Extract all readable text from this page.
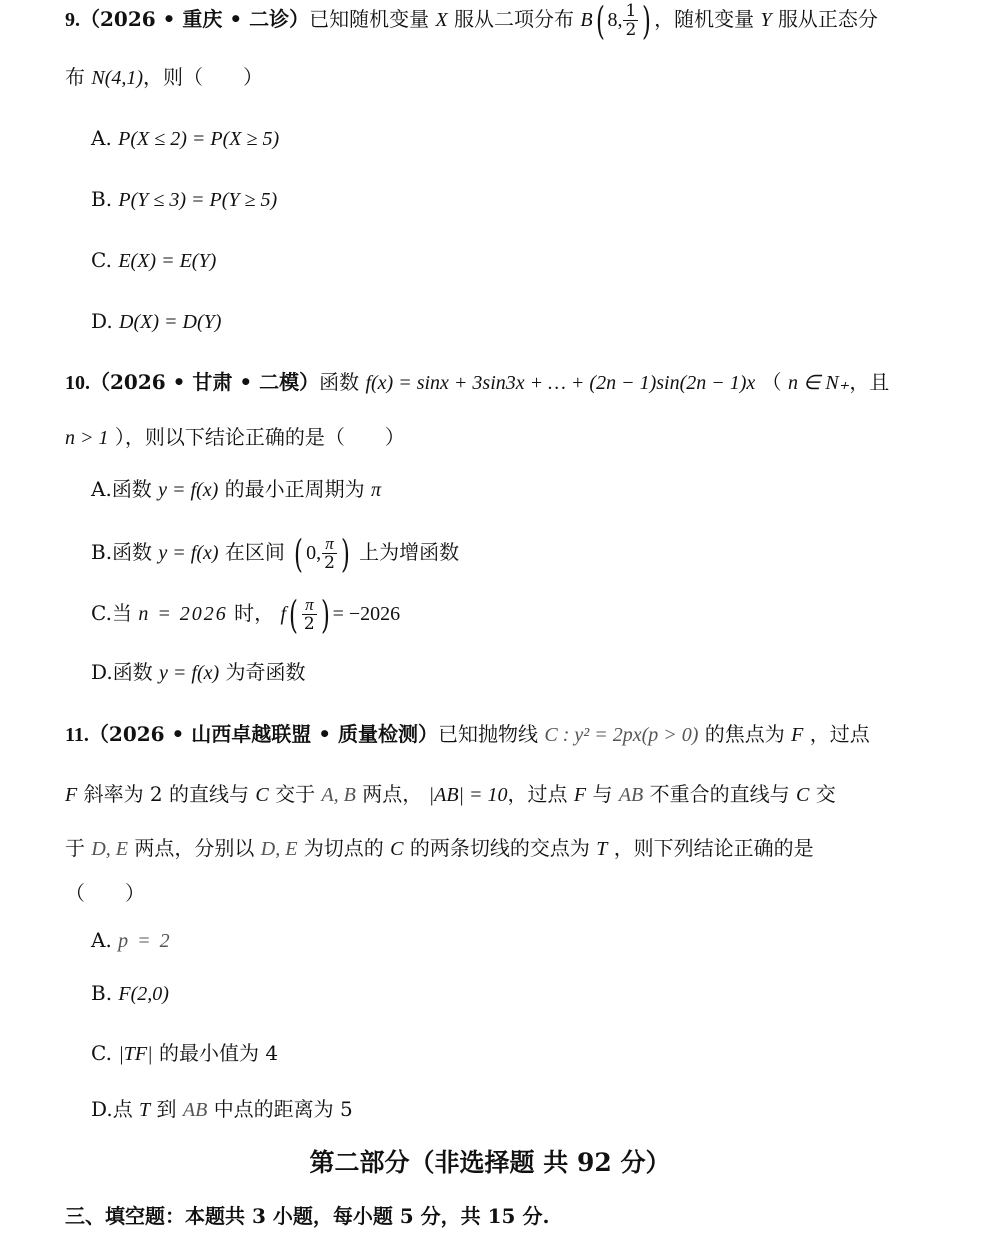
9.（2026 • 重庆 • 二诊）已知随机变量 X 服从二项分布 B( 8, $\frac{1}{2}$ ) ，随机变量 Y 服从正态分
布 N(4,1)，则（　　）
A. P(X ≤ 2) = P(X ≥ 5)
B. P(Y ≤ 3) = P(Y ≥ 5)
C. E(X) = E(Y)
D. D(X) = D(Y)
10.（2026 • 甘肃 • 二模）函数 f(x) = sinx + 3sin3x + … + (2n − 1)sin(2n − 1)x （ n ∈ N₊，且
n > 1 ），则以下结论正确的是（　　）
A.函数 y = f(x) 的最小正周期为 π
B.函数 y = f(x) 在区间 ( 0, $\frac{\pi}{2}$ ) 上为增函数
C.当 n = 2026 时， $f( \frac{\pi}{2}$ ) = −2026
D.函数 y = f(x) 为奇函数
11.（2026 • 山西卓越联盟 • 质量检测）已知抛物线 C : y² = 2px(p > 0) 的焦点为 F ，过点
F 斜率为 2 的直线与 C 交于 A, B 两点， |AB| = 10，过点 F 与 AB 不重合的直线与 C 交
于 D, E 两点，分别以 D, E 为切点的 C 的两条切线的交点为 T ，则下列结论正确的是
（　　）
A. p = 2
B. F(2,0)
C. |TF| 的最小值为 4
D.点 T 到 AB 中点的距离为 5
第二部分（非选择题 共 92 分）
三、填空题：本题共 3 小题，每小题 5 分，共 15 分.
